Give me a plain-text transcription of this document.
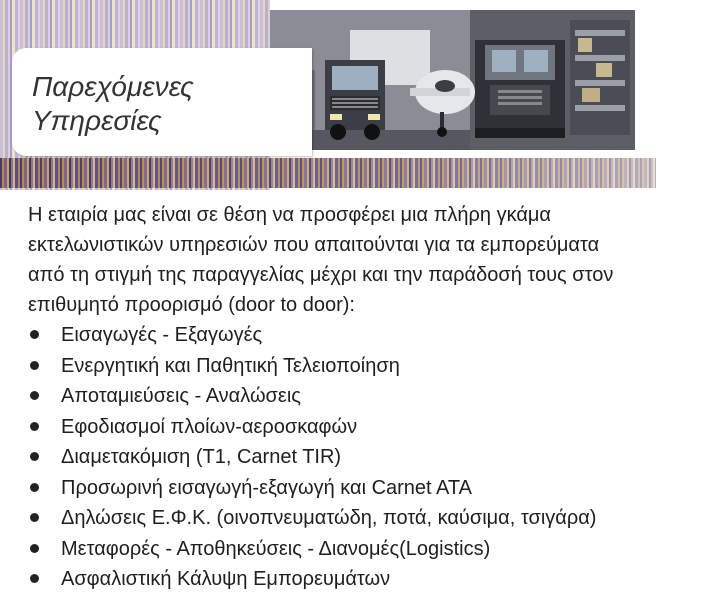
Παρεχόμενες
Υπηρεσίες

Η εταιρία μας είναι σε θέση να προσφέρει μια πλήρη γκάμα
εκτελωνιστικών υπηρεσιών που απαιτούνται για τα εμπορεύματα
από τη στιγμή της παραγγελίας μέχρι και την παράδοσή τους στον
επιθυμητό προορισμό (door to door):

Εισαγωγές - Εξαγωγές
Ενεργητική και Παθητική Τελειοποίηση
Αποταμιεύσεις - Αναλώσεις
Εφοδιασμοί πλοίων-αεροσκαφών
Διαμετακόμιση (Τ1, Carnet TIR)
Προσωρινή εισαγωγή-εξαγωγή και Carnet ATA
Δηλώσεις Ε.Φ.Κ. (οινοπνευματώδη, ποτά, καύσιμα, τσιγάρα)
Μεταφορές - Αποθηκεύσεις - Διανομές(Logistics)
Ασφαλιστική Κάλυψη Εμπορευμάτων
